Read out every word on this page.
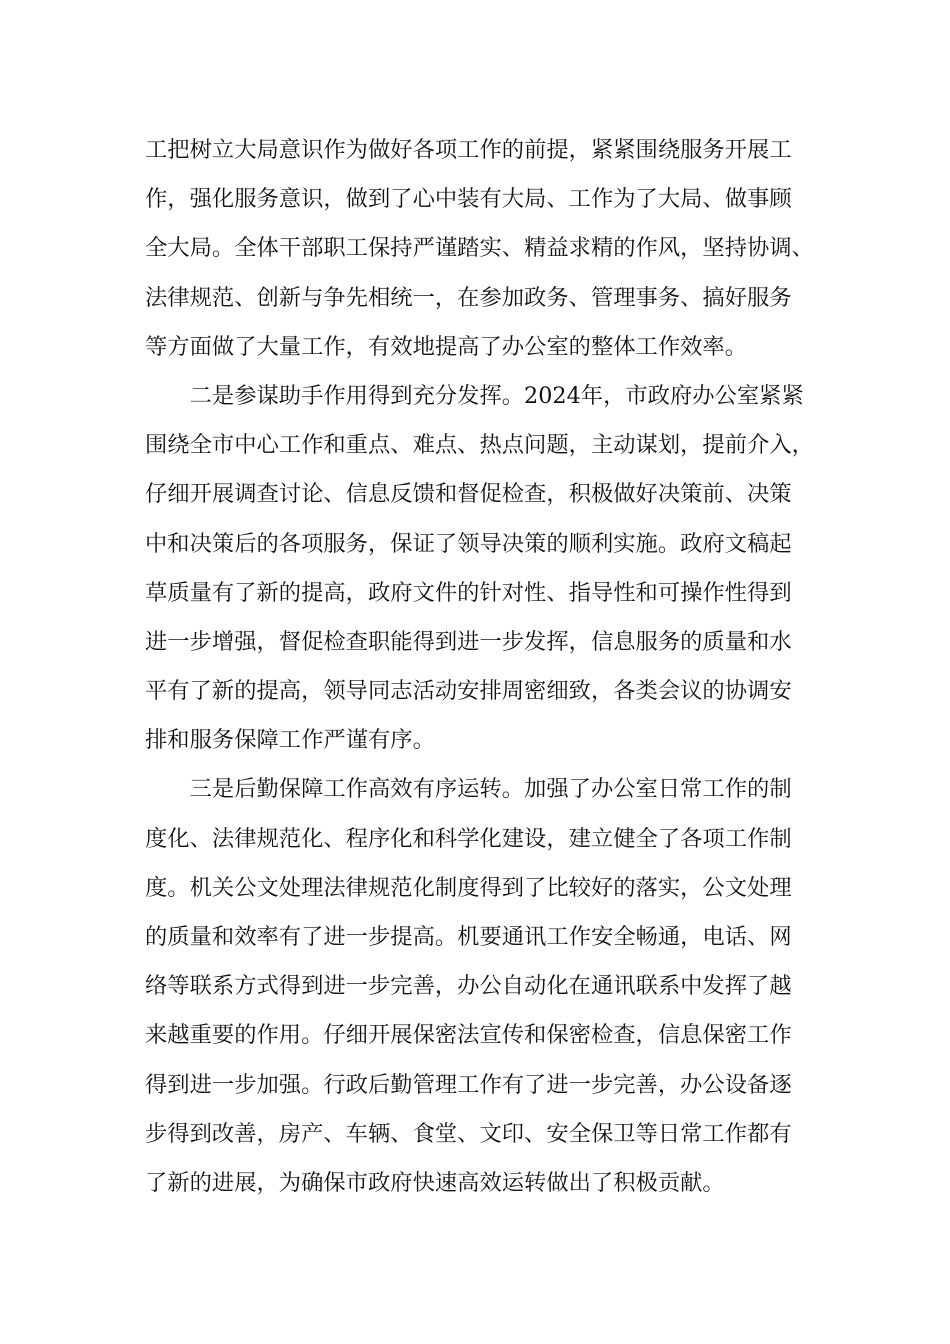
工把树立大局意识作为做好各项工作的前提，紧紧围绕服务开展工
作，强化服务意识，做到了心中装有大局、工作为了大局、做事顾
全大局。全体干部职工保持严谨踏实、精益求精的作风，坚持协调、
法律规范、创新与争先相统一，在参加政务、管理事务、搞好服务
等方面做了大量工作，有效地提高了办公室的整体工作效率。
二是参谋助手作用得到充分发挥。2024年，市政府办公室紧紧
围绕全市中心工作和重点、难点、热点问题，主动谋划，提前介入，
仔细开展调查讨论、信息反馈和督促检查，积极做好决策前、决策
中和决策后的各项服务，保证了领导决策的顺利实施。政府文稿起
草质量有了新的提高，政府文件的针对性、指导性和可操作性得到
进一步增强，督促检查职能得到进一步发挥，信息服务的质量和水
平有了新的提高，领导同志活动安排周密细致，各类会议的协调安
排和服务保障工作严谨有序。
三是后勤保障工作高效有序运转。加强了办公室日常工作的制
度化、法律规范化、程序化和科学化建设，建立健全了各项工作制
度。机关公文处理法律规范化制度得到了比较好的落实，公文处理
的质量和效率有了进一步提高。机要通讯工作安全畅通，电话、网
络等联系方式得到进一步完善，办公自动化在通讯联系中发挥了越
来越重要的作用。仔细开展保密法宣传和保密检查，信息保密工作
得到进一步加强。行政后勤管理工作有了进一步完善，办公设备逐
步得到改善，房产、车辆、食堂、文印、安全保卫等日常工作都有
了新的进展，为确保市政府快速高效运转做出了积极贡献。
